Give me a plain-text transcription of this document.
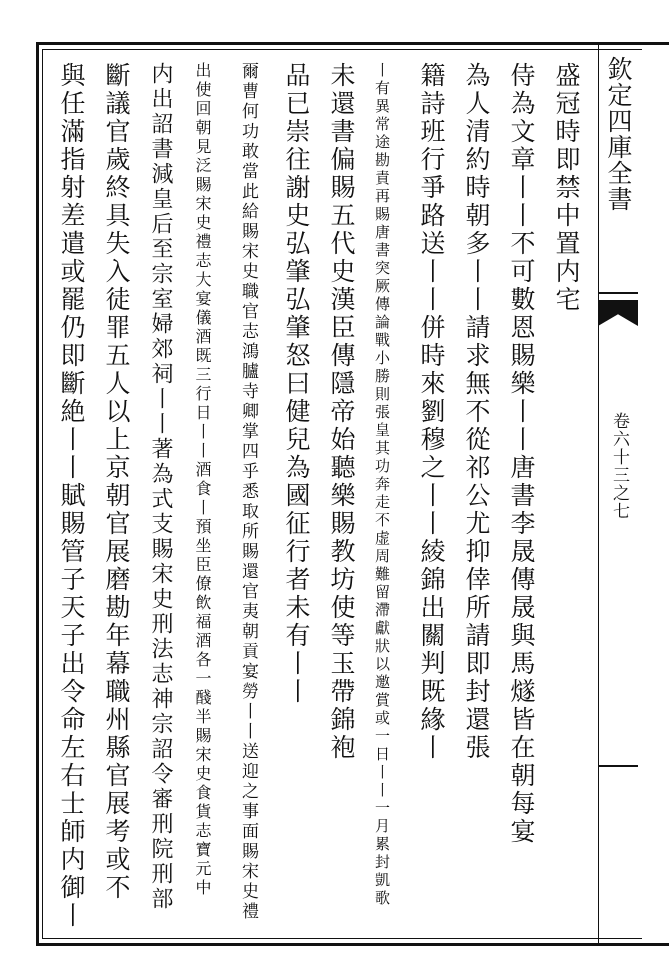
欽定四庫全書
卷六十三之七
盛冠時即禁中置内宅
侍為文章丨丨不可數恩賜樂丨丨唐書李晟傳晟與馬燧皆在朝每宴
為人清約時朝多丨丨請求無不從祁公尤抑倖所請即封還張
籍詩班行爭路送丨丨併時來劉穆之丨丨綾錦出關判既緣丨
丨有異常途勘責再賜唐書突厥傳論戰小勝則張皇其功奔走不虚周難留滯獻狀以邀賞或一日丨丨一月累封凱歌
未還書偏賜五代史漢臣傳隱帝始聽樂賜教坊使等玉帶錦袍
品已崇往謝史弘肇弘肇怒曰健兒為國征行者未有丨丨
爾曹何功敢當此給賜宋史職官志鴻臚寺卿掌四乎悉取所賜還官夷朝貢宴勞丨丨送迎之事面賜宋史禮
出使回朝見泛賜宋史禮志大宴儀酒既三行日丨丨酒食丨預坐臣僚飲福酒各一醆半賜宋史食貨志寶元中
内出詔書減皇后至宗室婦郊祠丨丨著為式支賜宋史刑法志神宗詔令審刑院刑部
斷議官歲終具失入徒罪五人以上京朝官展磨勘年幕職州縣官展考或不
與任滿指射差遣或罷仍即斷絶丨丨賦賜管子天子出令命左右士師内御丨
